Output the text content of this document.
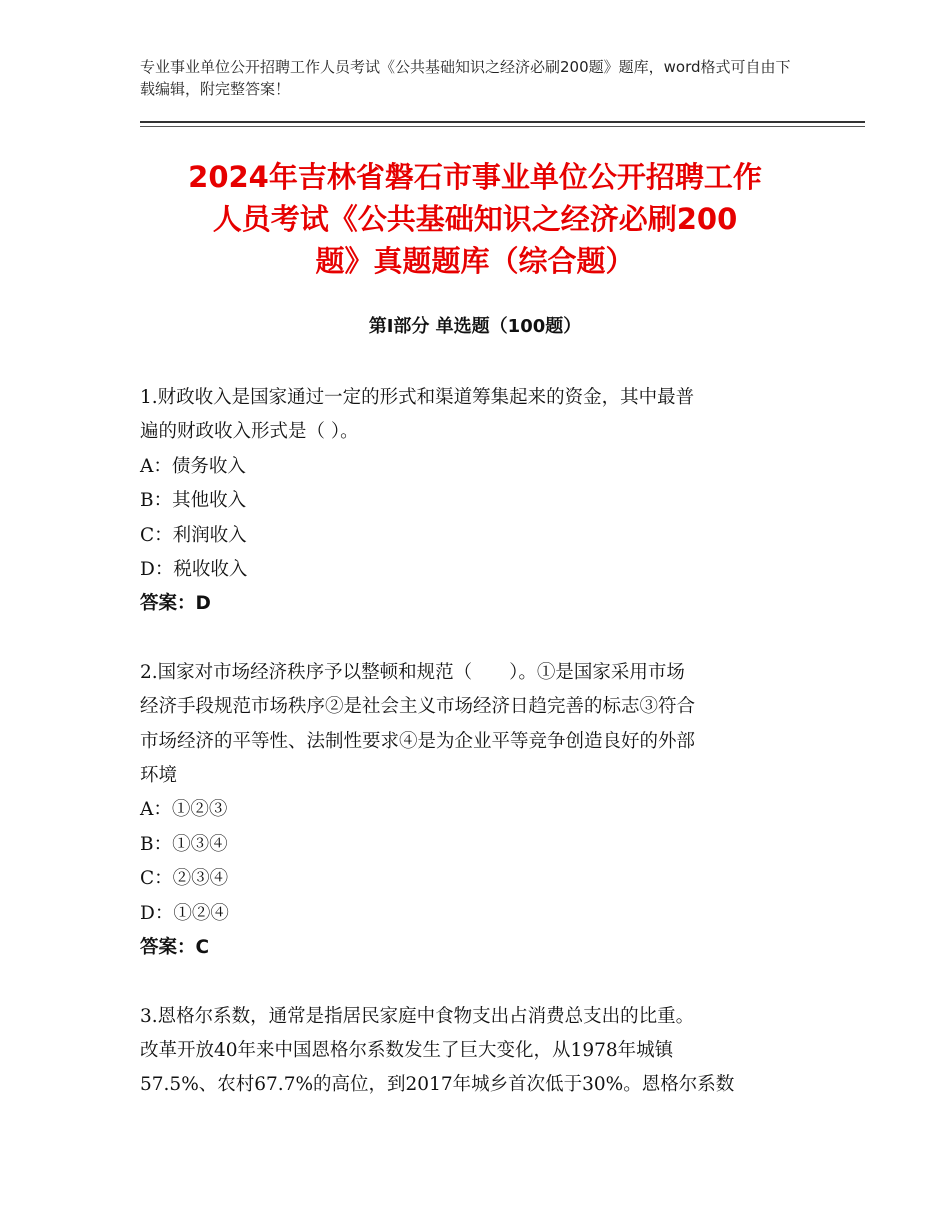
专业事业单位公开招聘工作人员考试《公共基础知识之经济必刷200题》题库，word格式可自由下载编辑，附完整答案！
2024年吉林省磐石市事业单位公开招聘工作
人员考试《公共基础知识之经济必刷200
题》真题题库（综合题）
第Ⅰ部分 单选题（100题）
1.财政收入是国家通过一定的形式和渠道筹集起来的资金，其中最普
遍的财政收入形式是（ ）。
A：债务收入
B：其他收入
C：利润收入
D：税收收入
答案：D
2.国家对市场经济秩序予以整顿和规范（　　）。①是国家采用市场
经济手段规范市场秩序②是社会主义市场经济日趋完善的标志③符合
市场经济的平等性、法制性要求④是为企业平等竞争创造良好的外部
环境
A：①②③
B：①③④
C：②③④
D：①②④
答案：C
3.恩格尔系数，通常是指居民家庭中食物支出占消费总支出的比重。
改革开放40年来中国恩格尔系数发生了巨大变化，从1978年城镇
57.5%、农村67.7%的高位，到2017年城乡首次低于30%。恩格尔系数
